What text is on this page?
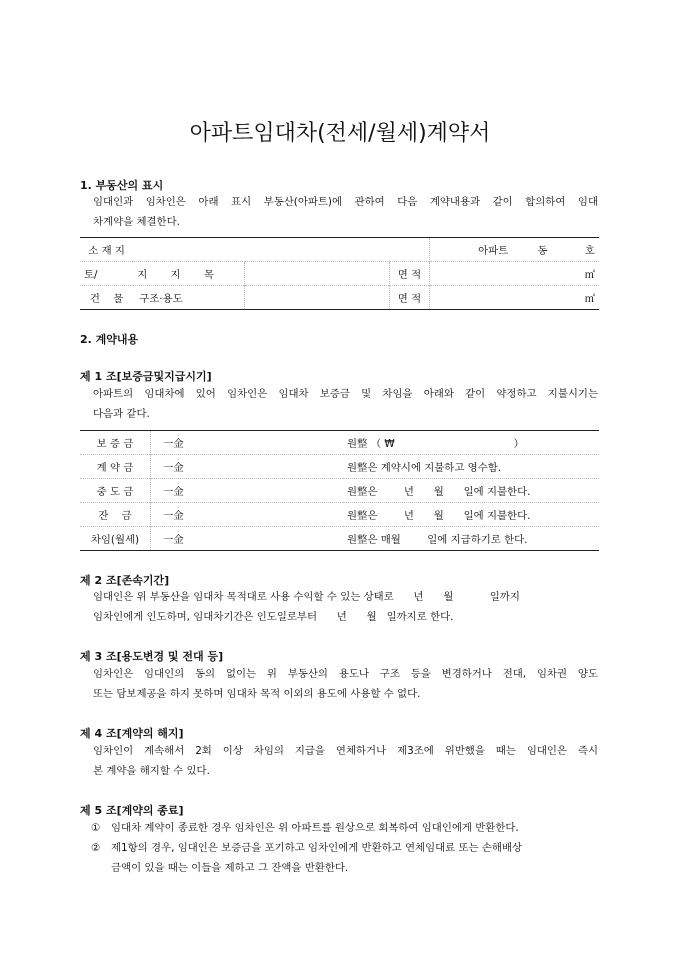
아파트임대차(전세/월세)계약서
1. 부동산의 표시
임대인과 임차인은 아래 표시 부동산(아파트)에 관하여 다음 계약내용과 같이 합의하여 임대
차계약을 체결한다.
소 재 지				아파트 동 호	
토/	지 지 목		면 적		㎡
건 물	구조·용도		면 적		㎡
2. 계약내용
제 1 조[보증금및지급시기]
아파트의 임대차에 있어 임차인은 임대차 보증금 및 차임을 아래와 같이 약정하고 지불시기는
다음과 같다.
보 증 금	一金	원整 （ ₩                                    ）
계 약 금	一金	원整은 계약시에 지불하고 영수함.
중 도 금	一金	원整은        년      월      일에 지불한다.
잔    금	一金	원整은        년      월      일에 지불한다.
차임(월세)	一金	원整은 매월        일에 지급하기로 한다.
제 2 조[존속기간]
임대인은 위 부동산을 임대차 목적대로 사용 수익할 수 있는 상태로      년      월           일까지
임차인에게 인도하며, 임대차기간은 인도일로부터      년      월   일까지로 한다.
제 3 조[용도변경 및 전대 등]
임차인은 임대인의 동의 없이는 위 부동산의 용도나 구조 등을 변경하거나 전대, 임차권 양도
또는 담보제공을 하지 못하며 임대차 목적 이외의 용도에 사용할 수 없다.
제 4 조[계약의 해지]
임차인이 계속해서 2회 이상 차임의 지급을 연체하거나 제3조에 위반했을 때는 임대인은 즉시
본 계약을 해지할 수 있다.
제 5 조[계약의 종료]
① 임대차 계약이 종료한 경우 임차인은 위 아파트를 원상으로 회복하여 임대인에게 반환한다.
② 제1항의 경우, 임대인은 보증금을 포기하고 임차인에게 반환하고 연체임대료 또는 손해배상
금액이 있을 때는 이들을 제하고 그 잔액을 반환한다.
